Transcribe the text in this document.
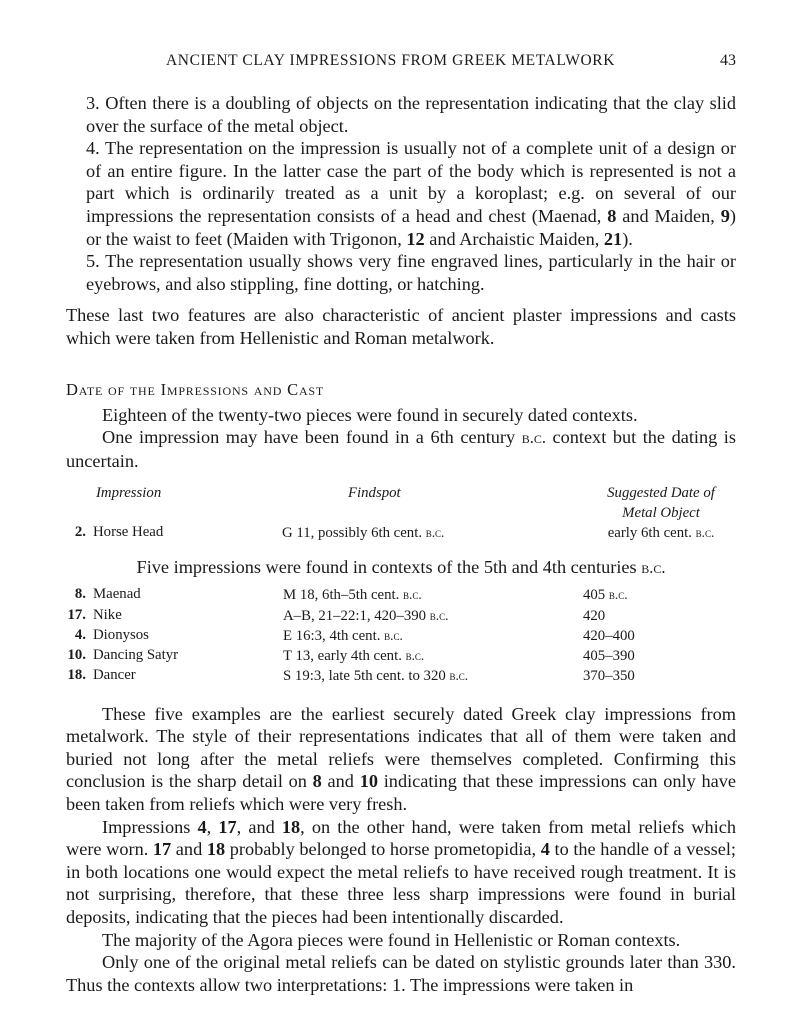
ANCIENT CLAY IMPRESSIONS FROM GREEK METALWORK	43

3. Often there is a doubling of objects on the representation indicating that the clay slid over the surface of the metal object.

4. The representation on the impression is usually not of a complete unit of a design or of an entire figure. In the latter case the part of the body which is represented is not a part which is ordinarily treated as a unit by a koroplast; e.g. on several of our impressions the representation consists of a head and chest (Maenad, 8 and Maiden, 9) or the waist to feet (Maiden with Trigonon, 12 and Archaistic Maiden, 21).

5. The representation usually shows very fine engraved lines, particularly in the hair or eyebrows, and also stippling, fine dotting, or hatching.

These last two features are also characteristic of ancient plaster impressions and casts which were taken from Hellenistic and Roman metalwork.

Date of the Impressions and Cast

Eighteen of the twenty-two pieces were found in securely dated contexts.

One impression may have been found in a 6th century b.c. context but the dating is uncertain.

Impression	Findspot	Suggested Date of
Metal Object
2. Horse Head	G 11, possibly 6th cent. b.c.	early 6th cent. b.c.

Five impressions were found in contexts of the 5th and 4th centuries b.c.

8.	Maenad	M 18, 6th–5th cent. b.c.	405 b.c.
17.	Nike	A–B, 21–22:1, 420–390 b.c.	420
4.	Dionysos	E 16:3, 4th cent. b.c.	420–400
10.	Dancing Satyr	T 13, early 4th cent. b.c.	405–390
18.	Dancer	S 19:3, late 5th cent. to 320 b.c.	370–350

These five examples are the earliest securely dated Greek clay impressions from metalwork. The style of their representations indicates that all of them were taken and buried not long after the metal reliefs were themselves completed. Confirming this conclusion is the sharp detail on 8 and 10 indicating that these impressions can only have been taken from reliefs which were very fresh.

Impressions 4, 17, and 18, on the other hand, were taken from metal reliefs which were worn. 17 and 18 probably belonged to horse prometopidia, 4 to the handle of a vessel; in both locations one would expect the metal reliefs to have received rough treatment. It is not surprising, therefore, that these three less sharp impressions were found in burial deposits, indicating that the pieces had been intentionally discarded.

The majority of the Agora pieces were found in Hellenistic or Roman contexts.

Only one of the original metal reliefs can be dated on stylistic grounds later than 330. Thus the contexts allow two interpretations: 1. The impressions were taken in
